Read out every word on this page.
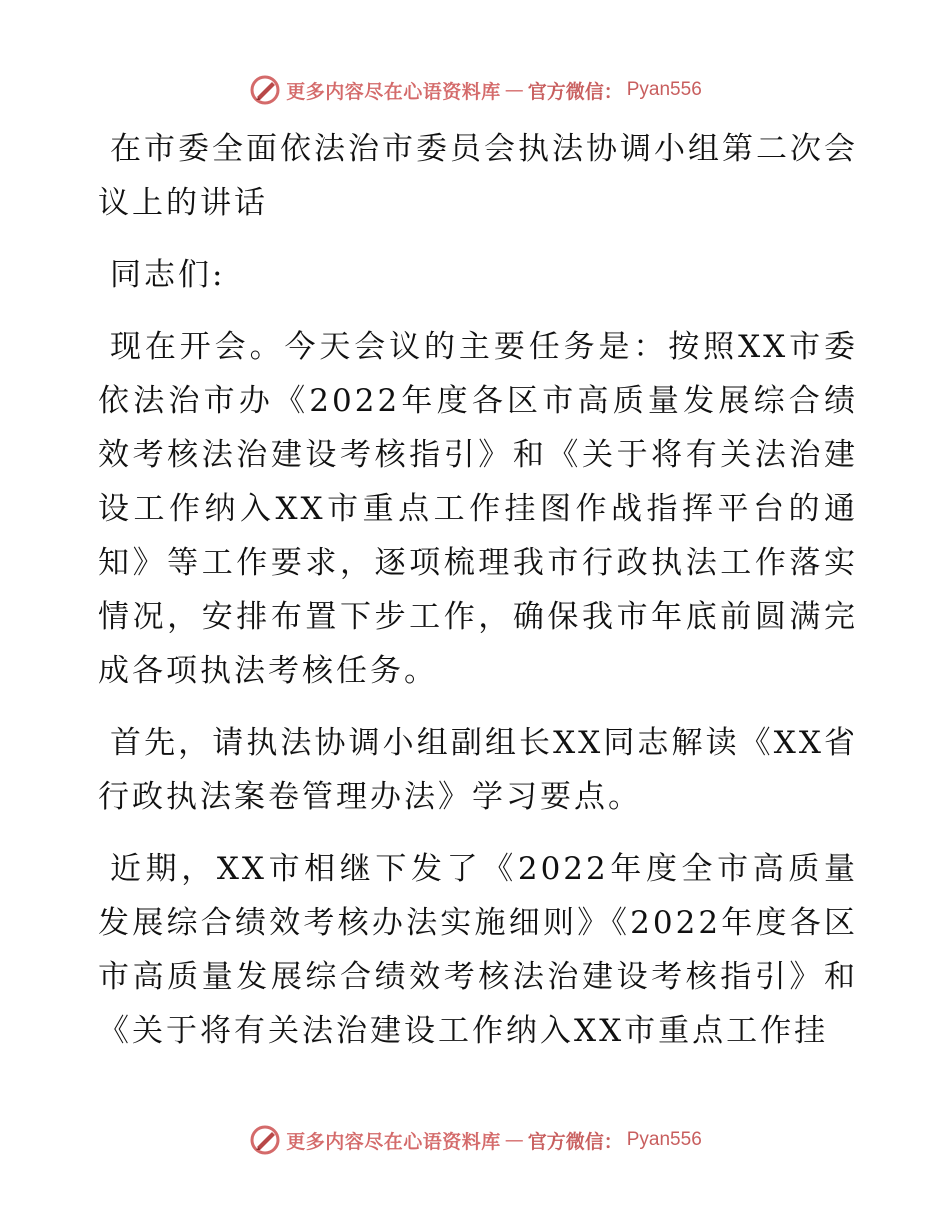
更多内容尽在心语资料库 — 官方微信： Pyan556

在市委全面依法治市委员会执法协调小组第二次会议上的讲话

同志们:

现在开会。今天会议的主要任务是：按照XX市委依法治市办《2022年度各区市高质量发展综合绩效考核法治建设考核指引》和《关于将有关法治建设工作纳入XX市重点工作挂图作战指挥平台的通知》等工作要求，逐项梳理我市行政执法工作落实情况，安排布置下步工作，确保我市年底前圆满完成各项执法考核任务。

首先，请执法协调小组副组长XX同志解读《XX省行政执法案卷管理办法》学习要点。

近期，XX市相继下发了《2022年度全市高质量发展综合绩效考核办法实施细则》《2022年度各区市高质量发展综合绩效考核法治建设考核指引》和《关于将有关法治建设工作纳入XX市重点工作挂

更多内容尽在心语资料库 — 官方微信： Pyan556
